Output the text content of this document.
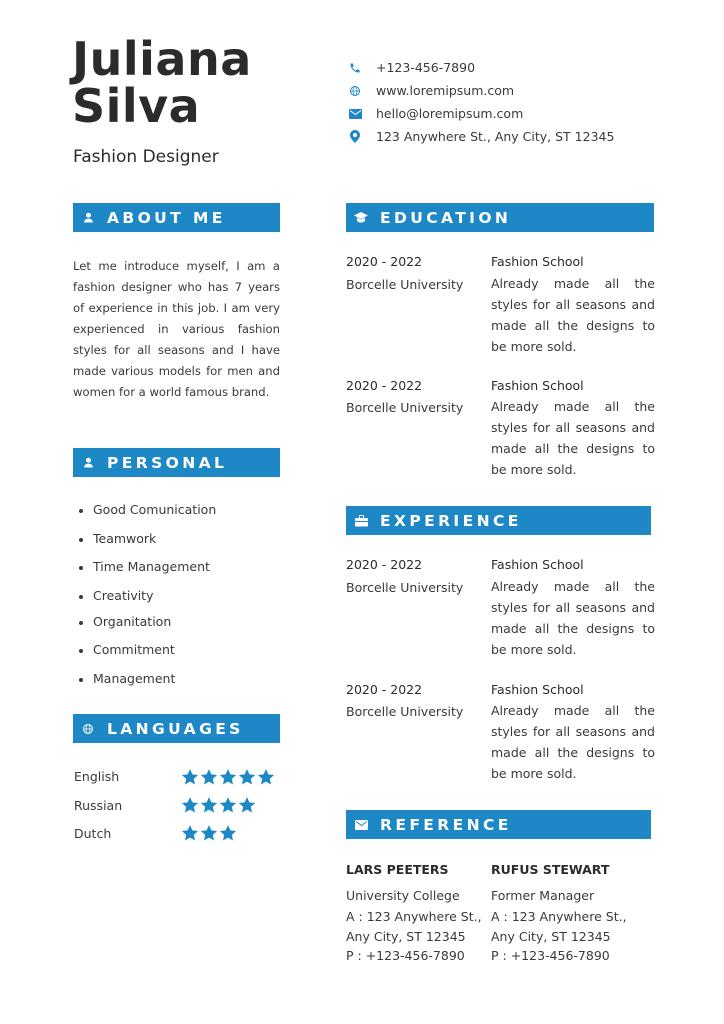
Juliana
Silva
Fashion Designer
+123-456-7890
www.loremipsum.com
hello@loremipsum.com
123 Anywhere St., Any City, ST 12345
ABOUT ME
Let me introduce myself, I am a fashion designer who has 7 years of experience in this job. I am very experienced in various fashion styles for all seasons and I have made various models for men and women for a world famous brand.
PERSONAL
Good Comunication
Teamwork
Time Management
Creativity
Organitation
Commitment
Management
LANGUAGES
English
Russian
Dutch
EDUCATION
2020 - 2022
Borcelle University
Fashion School
Already made all the styles for all seasons and made all the designs to be more sold.
2020 - 2022
Borcelle University
Fashion School
Already made all the styles for all seasons and made all the designs to be more sold.
EXPERIENCE
2020 - 2022
Borcelle University
Fashion School
Already made all the styles for all seasons and made all the designs to be more sold.
2020 - 2022
Borcelle University
Fashion School
Already made all the styles for all seasons and made all the designs to be more sold.
REFERENCE
LARS PEETERS
University College
A : 123 Anywhere St.,
Any City, ST 12345
P : +123-456-7890
RUFUS STEWART
Former Manager
A : 123 Anywhere St.,
Any City, ST 12345
P : +123-456-7890
